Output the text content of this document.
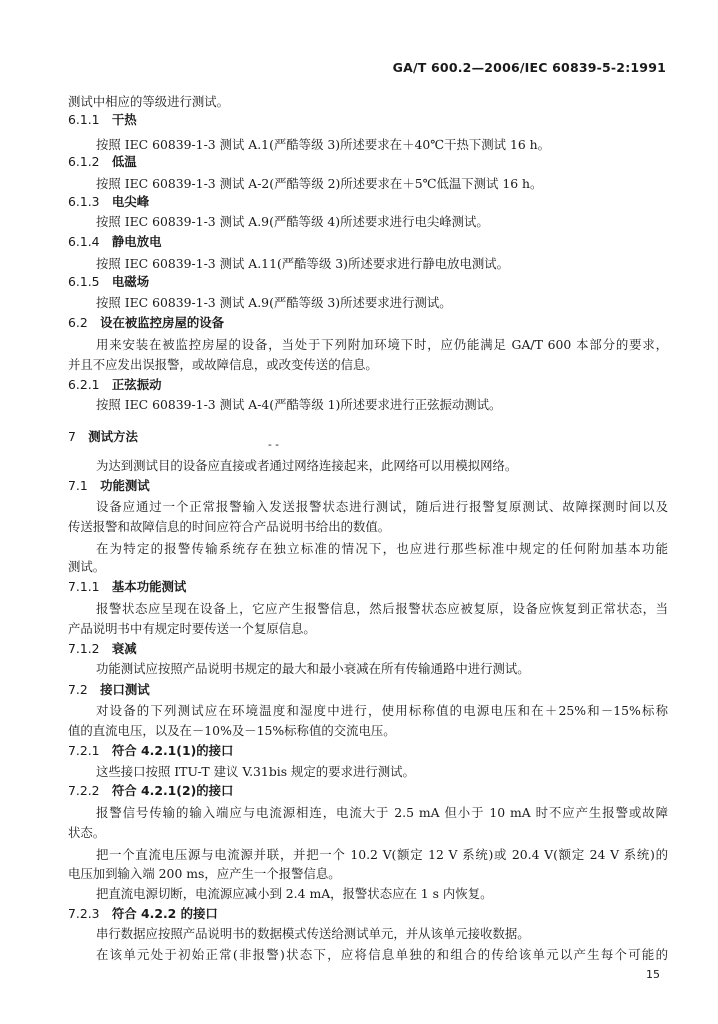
GA/T 600.2—2006/IEC 60839-5-2:1991
测试中相应的等级进行测试。
6.1.1　 干热
按照 IEC 60839-1-3 测试 A.1(严酷等级 3)所述要求在＋40℃干热下测试 16 h。
6.1.2　 低温
按照 IEC 60839-1-3 测试 A-2(严酷等级 2)所述要求在＋5℃低温下测试 16 h。
6.1.3　 电尖峰
按照 IEC 60839-1-3 测试 A.9(严酷等级 4)所述要求进行电尖峰测试。
6.1.4　 静电放电
按照 IEC 60839-1-3 测试 A.11(严酷等级 3)所述要求进行静电放电测试。
6.1.5　 电磁场
按照 IEC 60839-1-3 测试 A.9(严酷等级 3)所述要求进行测试。
6.2　 设在被监控房屋的设备
用来安装在被监控房屋的设备，当处于下列附加环境下时，应仍能满足 GA/T 600 本部分的要求，
并且不应发出误报警，或故障信息，或改变传送的信息。
6.2.1　 正弦振动
按照 IEC 60839-1-3 测试 A-4(严酷等级 1)所述要求进行正弦振动测试。
7　 测试方法
- -
为达到测试目的设备应直接或者通过网络连接起来，此网络可以用模拟网络。
7.1　 功能测试
设备应通过一个正常报警输入发送报警状态进行测试，随后进行报警复原测试、故障探测时间以及
传送报警和故障信息的时间应符合产品说明书给出的数值。
在为特定的报警传输系统存在独立标准的情况下，也应进行那些标准中规定的任何附加基本功能
测试。
7.1.1　 基本功能测试
报警状态应呈现在设备上，它应产生报警信息，然后报警状态应被复原，设备应恢复到正常状态，当
产品说明书中有规定时要传送一个复原信息。
7.1.2　 衰减
功能测试应按照产品说明书规定的最大和最小衰减在所有传输通路中进行测试。
7.2　 接口测试
对设备的下列测试应在环境温度和湿度中进行，使用标称值的电源电压和在＋25%和－15%标称
值的直流电压，以及在－10%及－15%标称值的交流电压。
7.2.1　 符合 4.2.1(1)的接口
这些接口按照 ITU-T 建议 V.31bis 规定的要求进行测试。
7.2.2　 符合 4.2.1(2)的接口
报警信号传输的输入端应与电流源相连，电流大于 2.5 mA 但小于 10 mA 时不应产生报警或故障
状态。
把一个直流电压源与电流源并联，并把一个 10.2 V(额定 12 V 系统)或 20.4 V(额定 24 V 系统)的
电压加到输入端 200 ms，应产生一个报警信息。
把直流电源切断，电流源应减小到 2.4 mA，报警状态应在 1 s 内恢复。
7.2.3　 符合 4.2.2 的接口
串行数据应按照产品说明书的数据模式传送给测试单元，并从该单元接收数据。
在该单元处于初始正常(非报警)状态下，应将信息单独的和组合的传给该单元以产生每个可能的
15
